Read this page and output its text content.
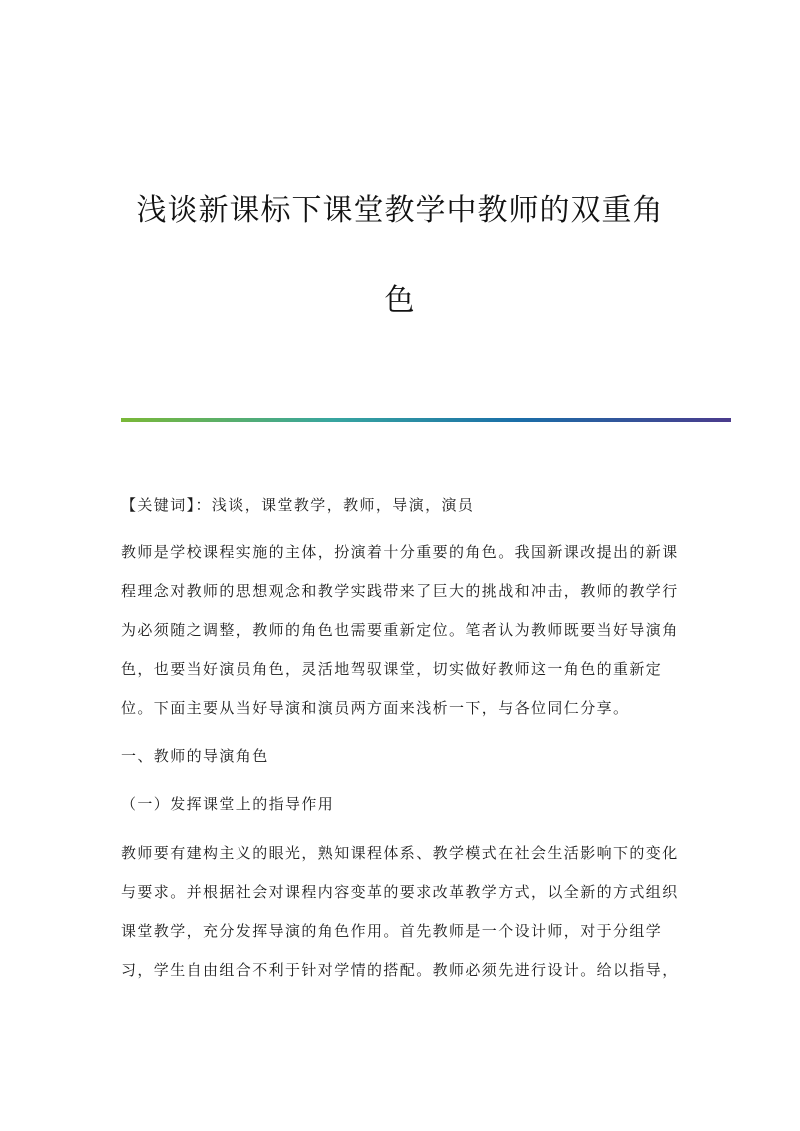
浅谈新课标下课堂教学中教师的双重角
色
【关键词】：浅谈，课堂教学，教师，导演，演员
教师是学校课程实施的主体，扮演着十分重要的角色。我国新课改提出的新课
程理念对教师的思想观念和教学实践带来了巨大的挑战和冲击，教师的教学行
为必须随之调整，教师的角色也需要重新定位。笔者认为教师既要当好导演角
色，也要当好演员角色，灵活地驾驭课堂，切实做好教师这一角色的重新定
位。下面主要从当好导演和演员两方面来浅析一下，与各位同仁分享。
一、教师的导演角色
（一）发挥课堂上的指导作用
教师要有建构主义的眼光，熟知课程体系、教学模式在社会生活影响下的变化
与要求。并根据社会对课程内容变革的要求改革教学方式，以全新的方式组织
课堂教学，充分发挥导演的角色作用。首先教师是一个设计师，对于分组学
习，学生自由组合不利于针对学情的搭配。教师必须先进行设计。给以指导，
